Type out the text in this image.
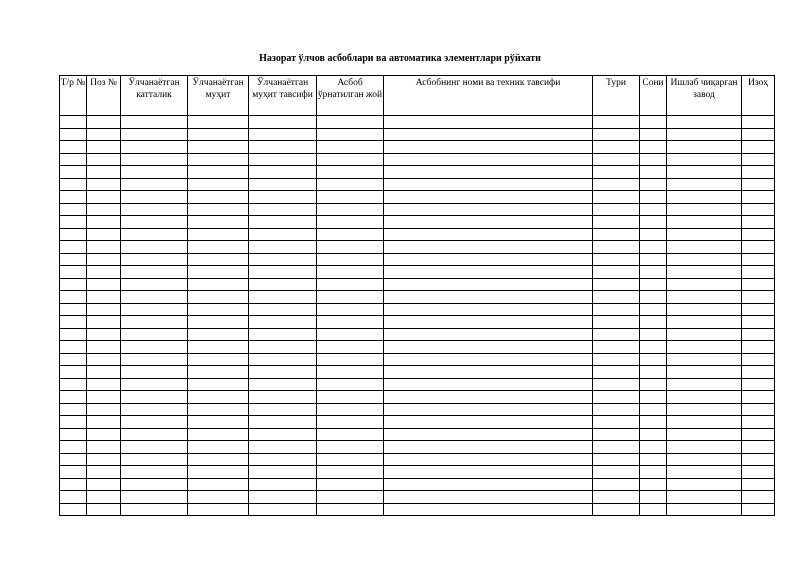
Назорат ўлчов асбоблари ва автоматика элементлари рўйхати
Т/р №	Поз №	Ўлчанаётган катталик	Ўлчанаётган муҳит	Ўлчанаётган муҳит тавсифи	Асбоб ўрнатилган жой	Асбобнинг номи ва техник тавсифи	Тури	Сони	Ишлаб чиқарган завод	Изоҳ
